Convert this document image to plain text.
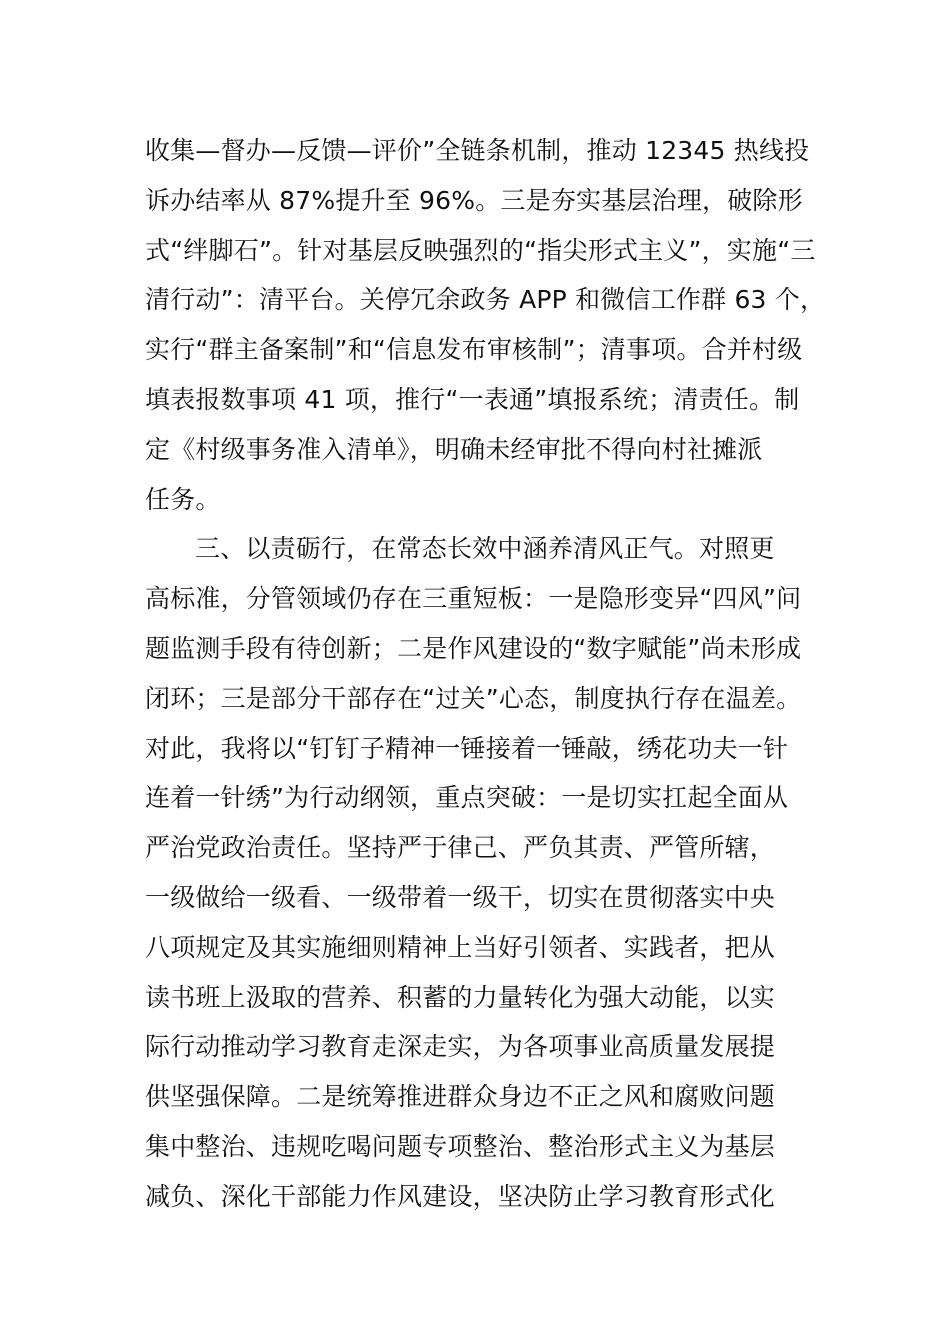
收集—督办—反馈—评价”全链条机制，推动 12345 热线投
诉办结率从 87%提升至 96%。三是夯实基层治理，破除形
式“绊脚石”。针对基层反映强烈的“指尖形式主义”，实施“三
清行动”：清平台。关停冗余政务 APP 和微信工作群 63 个，
实行“群主备案制”和“信息发布审核制”；清事项。合并村级
填表报数事项 41 项，推行“一表通”填报系统；清责任。制
定《村级事务准入清单》，明确未经审批不得向村社摊派
任务。
三、以责砺行，在常态长效中涵养清风正气。对照更
高标准，分管领域仍存在三重短板：一是隐形变异“四风”问
题监测手段有待创新；二是作风建设的“数字赋能”尚未形成
闭环；三是部分干部存在“过关”心态，制度执行存在温差。
对此，我将以“钉钉子精神一锤接着一锤敲，绣花功夫一针
连着一针绣”为行动纲领，重点突破：一是切实扛起全面从
严治党政治责任。坚持严于律己、严负其责、严管所辖，
一级做给一级看、一级带着一级干，切实在贯彻落实中央
八项规定及其实施细则精神上当好引领者、实践者，把从
读书班上汲取的营养、积蓄的力量转化为强大动能，以实
际行动推动学习教育走深走实，为各项事业高质量发展提
供坚强保障。二是统筹推进群众身边不正之风和腐败问题
集中整治、违规吃喝问题专项整治、整治形式主义为基层
减负、深化干部能力作风建设，坚决防止学习教育形式化
